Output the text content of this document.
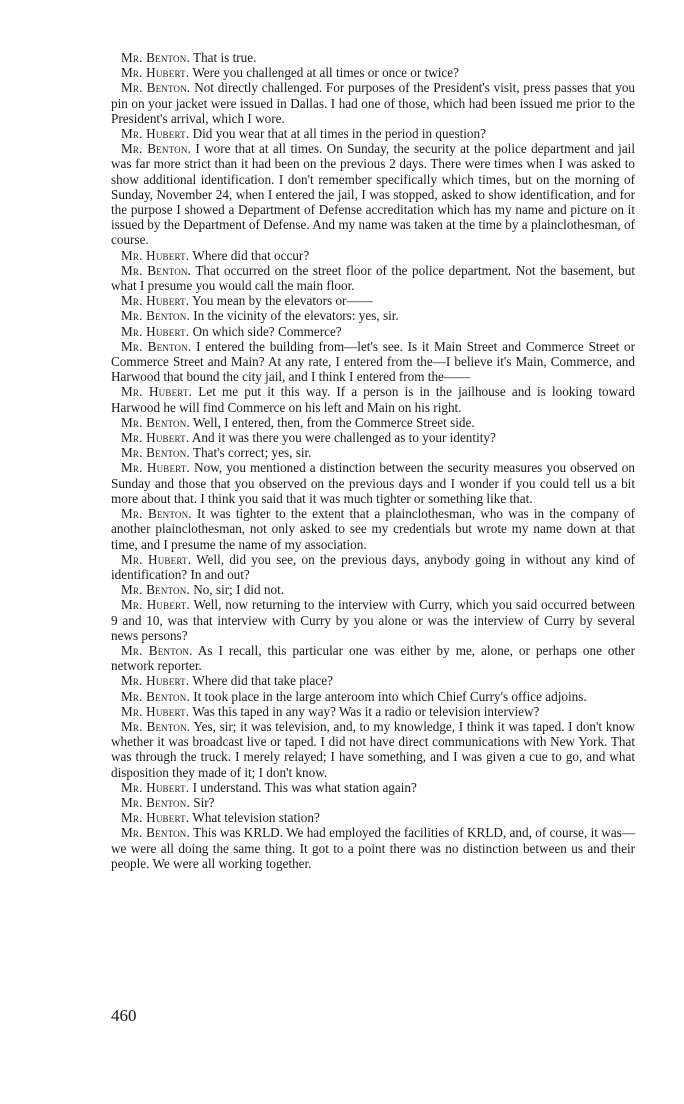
Mr. Benton. That is true.

Mr. Hubert. Were you challenged at all times or once or twice?

Mr. Benton. Not directly challenged. For purposes of the President's visit, press passes that you pin on your jacket were issued in Dallas. I had one of those, which had been issued me prior to the President's arrival, which I wore.

Mr. Hubert. Did you wear that at all times in the period in question?

Mr. Benton. I wore that at all times. On Sunday, the security at the police department and jail was far more strict than it had been on the previous 2 days. There were times when I was asked to show additional identification. I don't remember specifically which times, but on the morning of Sunday, November 24, when I entered the jail, I was stopped, asked to show identification, and for the purpose I showed a Department of Defense accreditation which has my name and picture on it issued by the Department of Defense. And my name was taken at the time by a plainclothesman, of course.

Mr. Hubert. Where did that occur?

Mr. Benton. That occurred on the street floor of the police department. Not the basement, but what I presume you would call the main floor.

Mr. Hubert. You mean by the elevators or——

Mr. Benton. In the vicinity of the elevators: yes, sir.

Mr. Hubert. On which side? Commerce?

Mr. Benton. I entered the building from—let's see. Is it Main Street and Commerce Street or Commerce Street and Main? At any rate, I entered from the—I believe it's Main, Commerce, and Harwood that bound the city jail, and I think I entered from the——

Mr. Hubert. Let me put it this way. If a person is in the jailhouse and is looking toward Harwood he will find Commerce on his left and Main on his right.

Mr. Benton. Well, I entered, then, from the Commerce Street side.

Mr. Hubert. And it was there you were challenged as to your identity?

Mr. Benton. That's correct; yes, sir.

Mr. Hubert. Now, you mentioned a distinction between the security measures you observed on Sunday and those that you observed on the previous days and I wonder if you could tell us a bit more about that. I think you said that it was much tighter or something like that.

Mr. Benton. It was tighter to the extent that a plainclothesman, who was in the company of another plainclothesman, not only asked to see my credentials but wrote my name down at that time, and I presume the name of my association.

Mr. Hubert. Well, did you see, on the previous days, anybody going in without any kind of identification? In and out?

Mr. Benton. No, sir; I did not.

Mr. Hubert. Well, now returning to the interview with Curry, which you said occurred between 9 and 10, was that interview with Curry by you alone or was the interview of Curry by several news persons?

Mr. Benton. As I recall, this particular one was either by me, alone, or perhaps one other network reporter.

Mr. Hubert. Where did that take place?

Mr. Benton. It took place in the large anteroom into which Chief Curry's office adjoins.

Mr. Hubert. Was this taped in any way? Was it a radio or television interview?

Mr. Benton. Yes, sir; it was television, and, to my knowledge, I think it was taped. I don't know whether it was broadcast live or taped. I did not have direct communications with New York. That was through the truck. I merely relayed; I have something, and I was given a cue to go, and what disposition they made of it; I don't know.

Mr. Hubert. I understand. This was what station again?

Mr. Benton. Sir?

Mr. Hubert. What television station?

Mr. Benton. This was KRLD. We had employed the facilities of KRLD, and, of course, it was—we were all doing the same thing. It got to a point there was no distinction between us and their people. We were all working together.

460
